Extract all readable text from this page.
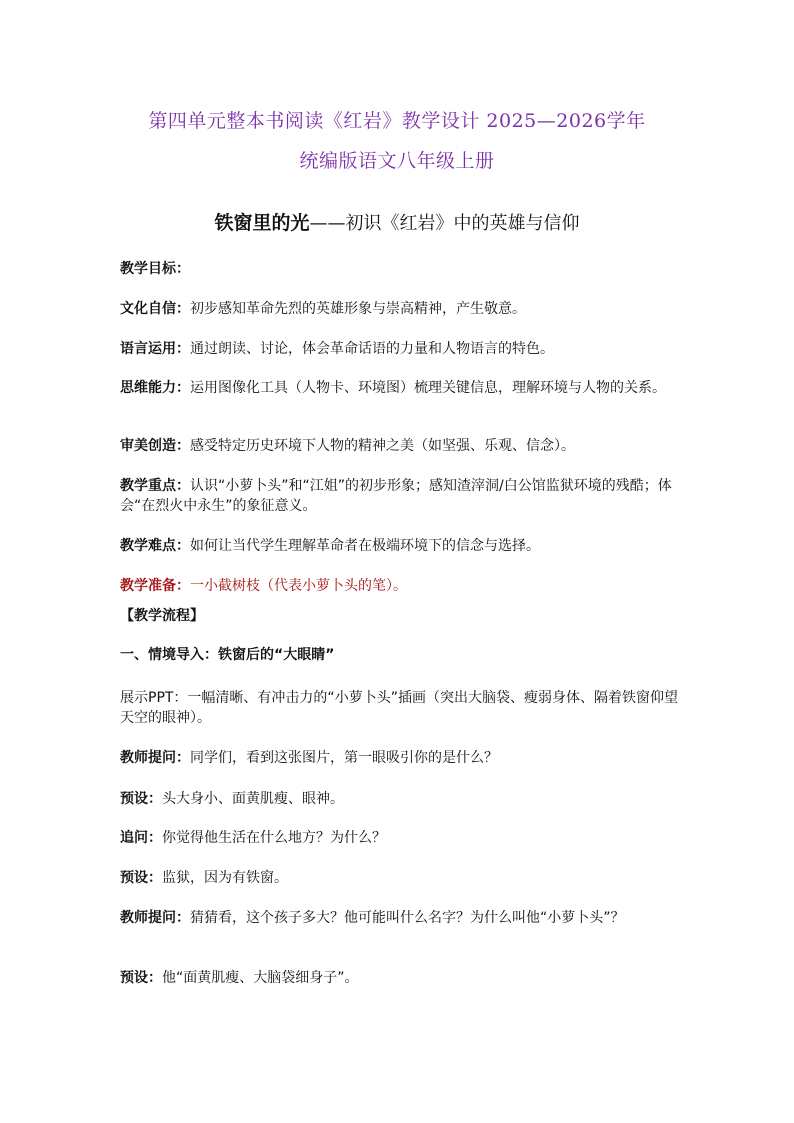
第四单元整本书阅读《红岩》教学设计 2025—2026学年
统编版语文八年级上册
铁窗里的光——初识《红岩》中的英雄与信仰

教学目标：

文化自信：初步感知革命先烈的英雄形象与崇高精神，产生敬意。

语言运用：通过朗读、讨论，体会革命话语的力量和人物语言的特色。

思维能力：运用图像化工具（人物卡、环境图）梳理关键信息，理解环境与人物的关系。

审美创造：感受特定历史环境下人物的精神之美（如坚强、乐观、信念）。

教学重点：认识“小萝卜头”和“江姐”的初步形象；感知渣滓洞/白公馆监狱环境的残酷；体会“在烈火中永生”的象征意义。

教学难点：如何让当代学生理解革命者在极端环境下的信念与选择。

教学准备：一小截树枝（代表小萝卜头的笔）。

【教学流程】

一、情境导入：铁窗后的“大眼睛”

展示PPT：一幅清晰、有冲击力的“小萝卜头”插画（突出大脑袋、瘦弱身体、隔着铁窗仰望天空的眼神）。

教师提问：同学们，看到这张图片，第一眼吸引你的是什么？

预设：头大身小、面黄肌瘦、眼神。

追问：你觉得他生活在什么地方？为什么？

预设：监狱，因为有铁窗。

教师提问：猜猜看，这个孩子多大？他可能叫什么名字？为什么叫他“小萝卜头”？

预设：他“面黄肌瘦、大脑袋细身子”。
